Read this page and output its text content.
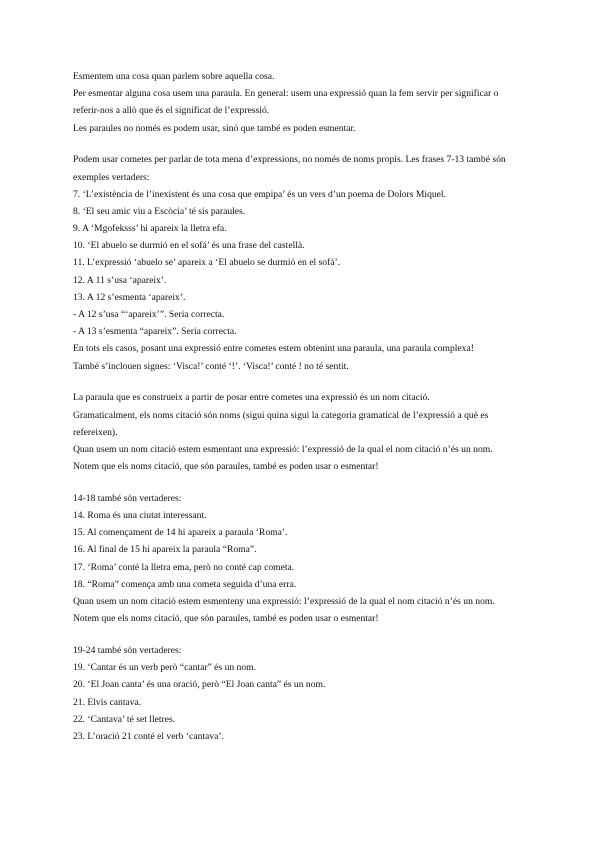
Esmentem una cosa quan parlem sobre aquella cosa.
Per esmentar alguna cosa usem una paraula. En general: usem una expressió quan la fem servir per significar o
referir-nos a allò que és el significat de l’expressió.
Les paraules no només es podem usar, sinó que també es poden esmentar.
Podem usar cometes per parlar de tota mena d’expressions, no només de noms propis. Les frases 7-13 també són
exemples vertaders:
7. ‘L’existència de l’inexistent és una cosa que empipa’ és un vers d’un poema de Dolors Miquel.
8. ‘El seu amic viu a Escòcia’ té sis paraules.
9. A ‘Mgofeksss’ hi apareix la lletra efa.
10. ‘El abuelo se durmió en el sofá’ és una frase del castellà.
11. L’expressió ‘abuelo se’ apareix a ‘El abuelo se durmió en el sofá’.
12. A 11 s’usa ‘apareix’.
13. A 12 s’esmenta ‘apareix’.
- A 12 s’usa “‘apareix’”. Seria correcta.
- A 13 s’esmenta “apareix”. Seria correcta.
En tots els casos, posant una expressió entre cometes estem obtenint una paraula, una paraula complexa!
També s’inclouen signes: ‘Visca!’ conté ‘!’. ‘Visca!’ conté ! no té sentit.
La paraula que es construeix a partir de posar entre cometes una expressió és un nom citació.
Gramaticalment, els noms citació són noms (sigui quina sigui la categoria gramatical de l’expressió a què es
refereixen).
Quan usem un nom citació estem esmentant una expressió: l’expressió de la qual el nom citació n’és un nom.
Notem que els noms citació, que són paraules, també es poden usar o esmentar!
14-18 també són vertaderes:
14. Roma és una ciutat interessant.
15. Al començament de 14 hi apareix a paraula ‘Roma’.
16. Al final de 15 hi apareix la paraula “Roma”.
17. ‘Roma’ conté la lletra ema, però no conté cap cometa.
18. “Roma” comença amb una cometa seguida d’una erra.
Quan usem un nom citació estem esmenteny una expressió: l’expressió de la qual el nom citació n’és un nom.
Notem que els noms citació, que són paraules, també es poden usar o esmentar!
19-24 també són vertaderes:
19. ‘Cantar és un verb però “cantar” és un nom.
20. ‘El Joan canta’ és una oració, però “El Joan canta” és un nom.
21. Elvis cantava.
22. ‘Cantava’ té set lletres.
23. L’oració 21 conté el verb ‘cantava’.
